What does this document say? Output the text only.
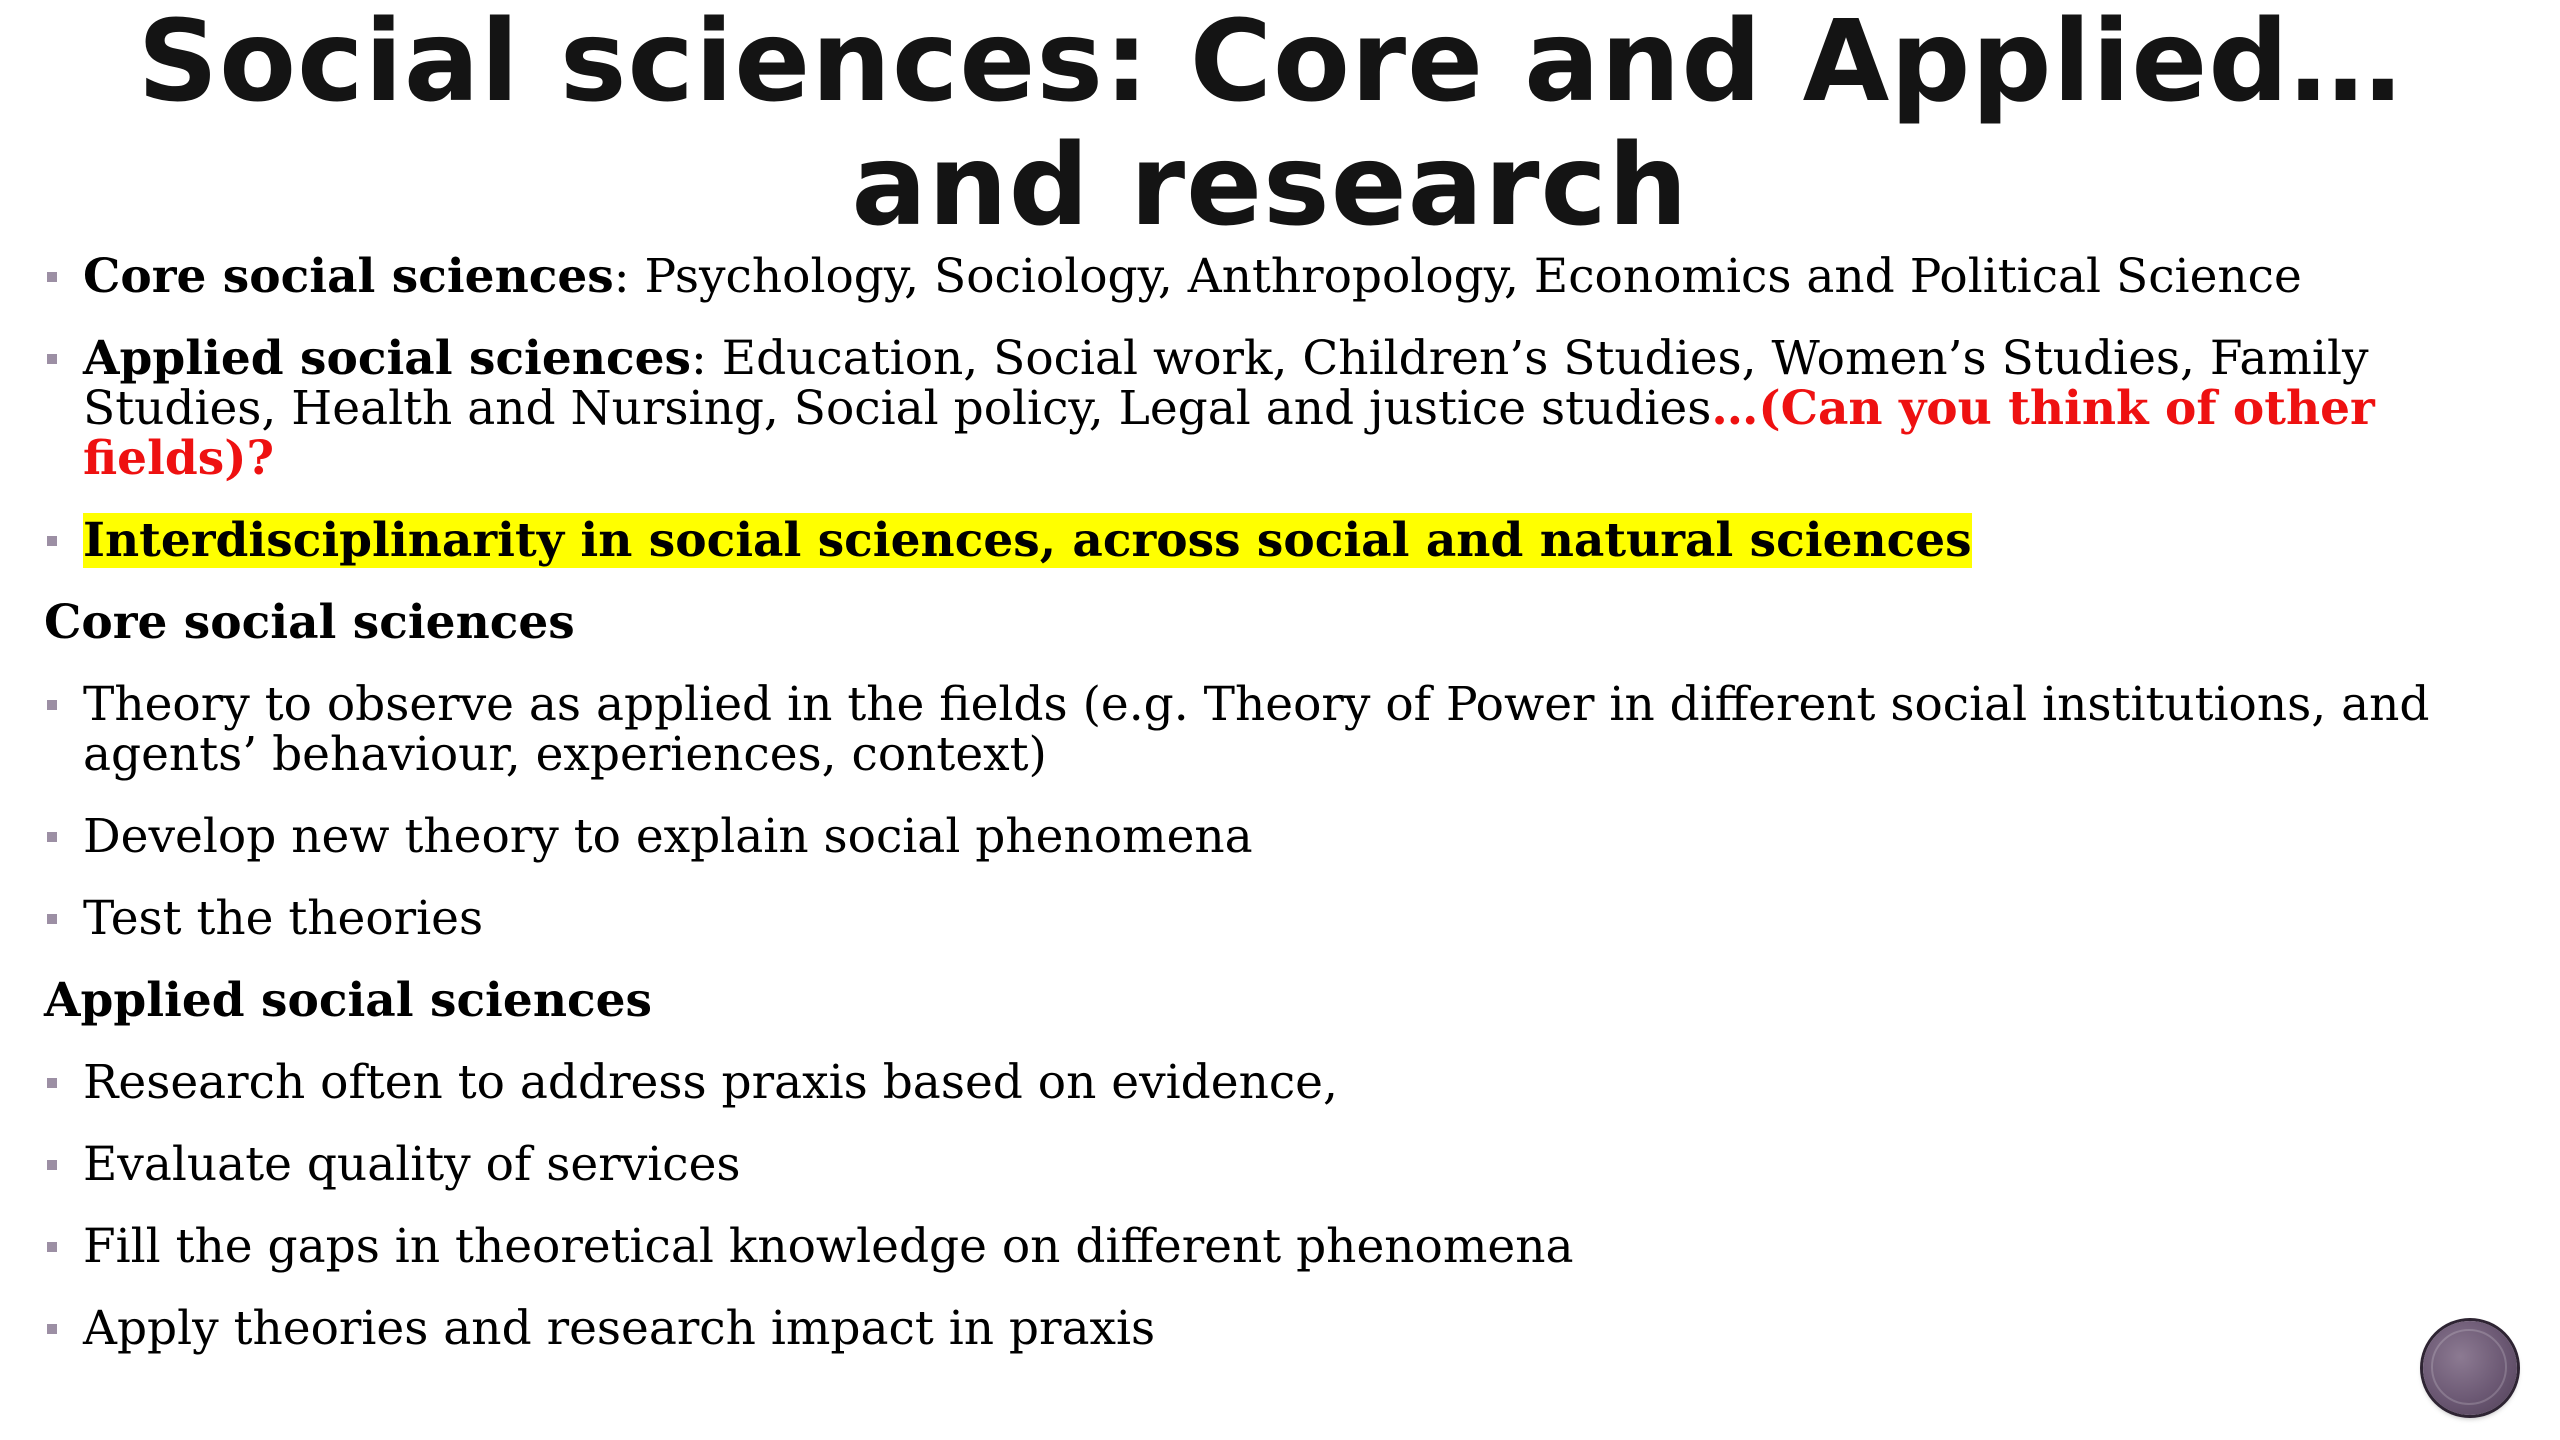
Social sciences: Core and Applied…and research
Core social sciences: Psychology, Sociology, Anthropology, Economics and Political Science
Applied social sciences: Education, Social work, Children’s Studies, Women’s Studies, Family Studies, Health and Nursing, Social policy, Legal and justice studies…(Can you think of other fields)?
Interdisciplinarity in social sciences, across social and natural sciences
Core social sciences
Theory to observe as applied in the fields (e.g. Theory of Power in different social institutions, and agents’ behaviour, experiences, context)
Develop new theory to explain social phenomena
Test the theories
Applied social sciences
Research often to address praxis based on evidence,
Evaluate quality of services
Fill the gaps in theoretical knowledge on different phenomena
Apply theories and research impact in praxis
